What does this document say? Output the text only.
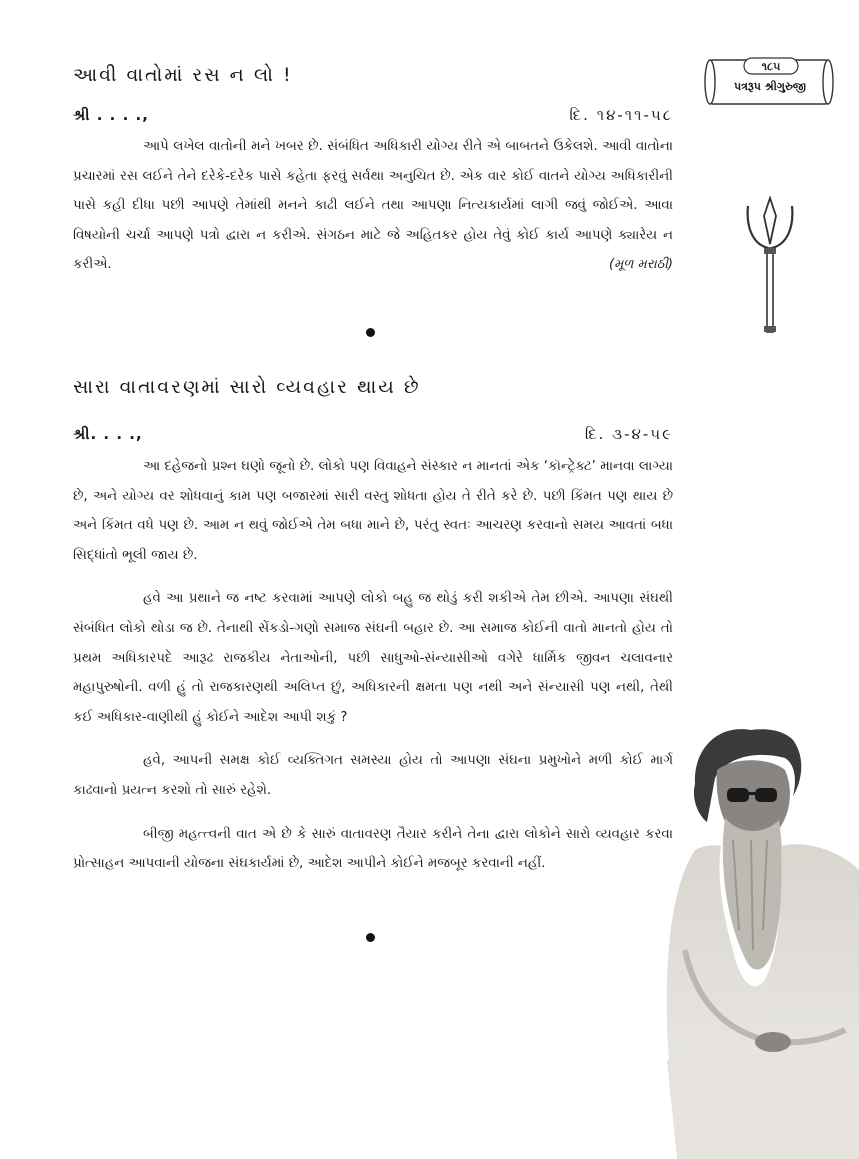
૧૮૫
પત્રરૂપ શ્રીગુરુજી
આવી વાતોમાં રસ ન લો !
શ્રી . . . .,	દિ. ૧૪-૧૧-૫૮

આપે લખેલ વાતોની મને ખબર છે. સંબંધિત અધિકારી યોગ્ય રીતે એ બાબતને ઉકેલશે. આવી વાતોના પ્રચારમાં રસ લઈને તેને દરેકે-દરેક પાસે કહેતા ફરવું સર્વથા અનુચિત છે. એક વાર કોઈ વાતને યોગ્ય અધિકારીની પાસે કહી દીધા પછી આપણે તેમાંથી મનને કાઢી લઈને તથા આપણા નિત્યકાર્યમાં લાગી જવું જોઈએ. આવા વિષયોની ચર્ચા આપણે પત્રો દ્વારા ન કરીએ. સંગઠન માટે જે અહિતકર હોય તેવું કોઈ કાર્ય આપણે ક્યારેય ન કરીએ.	(મૂળ મરાઠી)

સારા વાતાવરણમાં સારો વ્યવહાર થાય છે
શ્રી. . . .,	દિ. ૩-૪-૫૯

આ દહેજનો પ્રશ્ન ઘણો જૂનો છે. લોકો પણ વિવાહને સંસ્કાર ન માનતાં એક ‘કૉન્ટ્રેક્ટ’ માનવા લાગ્યા છે, અને યોગ્ય વર શોધવાનું કામ પણ બજારમાં સારી વસ્તુ શોધતા હોય તે રીતે કરે છે. પછી કિંમત પણ થાય છે અને કિંમત વધે પણ છે. આમ ન થવું જોઈએ તેમ બધા માને છે, પરંતુ સ્વતઃ આચરણ કરવાનો સમય આવતાં બધા સિદ્ધાંતો ભૂલી જાય છે.

હવે આ પ્રથાને જ નષ્ટ કરવામાં આપણે લોકો બહુ જ થોડું કરી શકીએ તેમ છીએ. આપણા સંઘથી સંબંધિત લોકો થોડા જ છે. તેનાથી સેંકડો-ગણો સમાજ સંઘની બહાર છે. આ સમાજ કોઈની વાતો માનતો હોય તો પ્રથમ અધિકારપદે આરૂઢ રાજકીય નેતાઓની, પછી સાધુઓ-સંન્યાસીઓ વગેરે ધાર્મિક જીવન ચલાવનાર મહાપુરુષોની. વળી હું તો રાજકારણથી અલિપ્ત છું, અધિકારની ક્ષમતા પણ નથી અને સંન્યાસી પણ નથી, તેથી કઈ અધિકાર-વાણીથી હું કોઈને આદેશ આપી શકું ?

હવે, આપની સમક્ષ કોઈ વ્યક્તિગત સમસ્યા હોય તો આપણા સંઘના પ્રમુખોને મળી કોઈ માર્ગ કાઢવાનો પ્રયત્ન કરશો તો સારું રહેશે.

બીજી મહત્ત્વની વાત એ છે કે સારું વાતાવરણ તૈયાર કરીને તેના દ્વારા લોકોને સારો વ્યવહાર કરવા પ્રોત્સાહન આપવાની યોજના સંઘકાર્યમાં છે, આદેશ આપીને કોઈને મજબૂર કરવાની નહીં.
